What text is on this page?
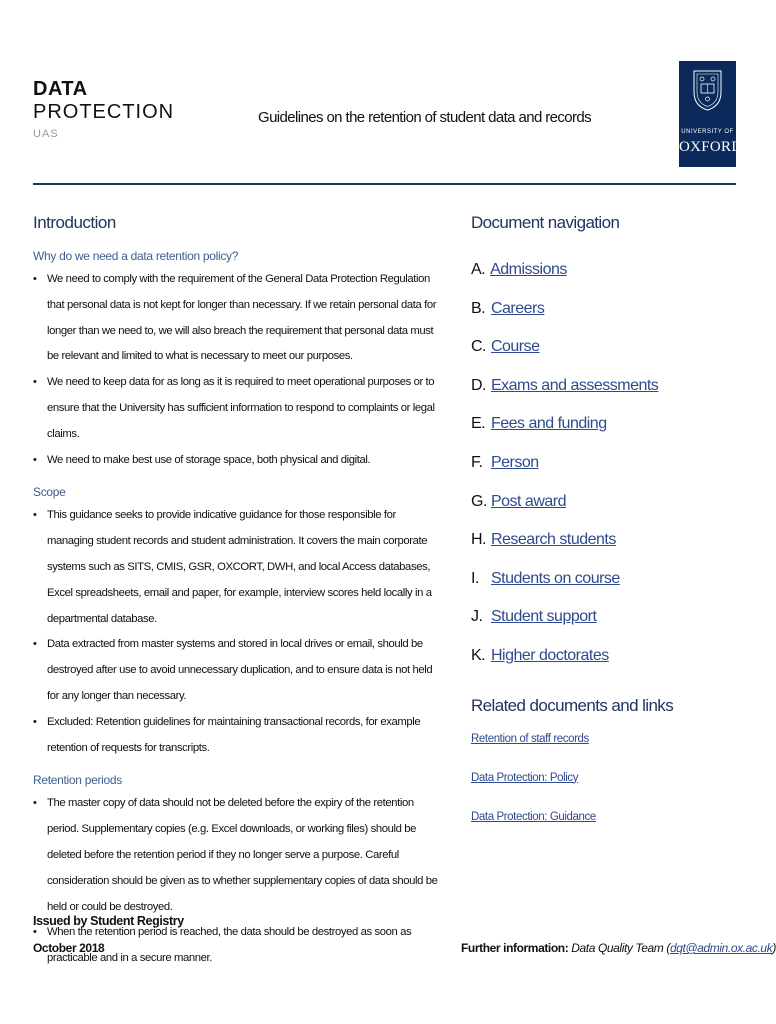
DATA
PROTECTION
UAS
Guidelines on the retention of student data and records
UNIVERSITY OF
OXFORD
Introduction
Why do we need a data retention policy?
• We need to comply with the requirement of the General Data Protection Regulation that personal data is not kept for longer than necessary. If we retain personal data for longer than we need to, we will also breach the requirement that personal data must be relevant and limited to what is necessary to meet our purposes.
• We need to keep data for as long as it is required to meet operational purposes or to ensure that the University has sufficient information to respond to complaints or legal claims.
• We need to make best use of storage space, both physical and digital.
Scope
• This guidance seeks to provide indicative guidance for those responsible for managing student records and student administration. It covers the main corporate systems such as SITS, CMIS, GSR, OXCORT, DWH, and local Access databases, Excel spreadsheets, email and paper, for example, interview scores held locally in a departmental database.
• Data extracted from master systems and stored in local drives or email, should be destroyed after use to avoid unnecessary duplication, and to ensure data is not held for any longer than necessary.
• Excluded: Retention guidelines for maintaining transactional records, for example retention of requests for transcripts.
Retention periods
• The master copy of data should not be deleted before the expiry of the retention period. Supplementary copies (e.g. Excel downloads, or working files) should be deleted before the retention period if they no longer serve a purpose. Careful consideration should be given as to whether supplementary copies of data should be held or could be destroyed.
• When the retention period is reached, the data should be destroyed as soon as practicable and in a secure manner.
Issued by Student Registry
October 2018
Document navigation
A. Admissions
B. Careers
C. Course
D. Exams and assessments
E. Fees and funding
F. Person
G. Post award
H. Research students
I. Students on course
J. Student support
K. Higher doctorates
Related documents and links
Retention of staff records
Data Protection: Policy
Data Protection: Guidance
Further information: Data Quality Team (dqt@admin.ox.ac.uk)
